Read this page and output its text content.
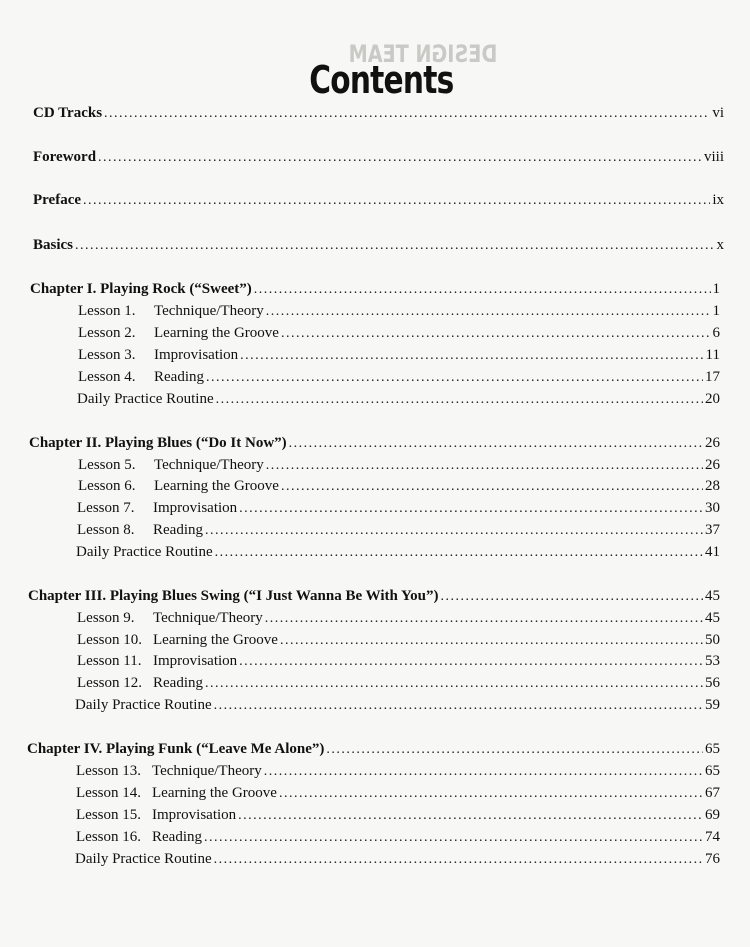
DESIGN TEAM
Contents
CD Tracks . . .	vi
Foreword . . .	viii
Preface . . .	ix
Basics . . .	x
Chapter I. Playing Rock (“Sweet”) . . .	1
Lesson 1. Technique/Theory . . .	1
Lesson 2. Learning the Groove . . .	6
Lesson 3. Improvisation . . .	11
Lesson 4. Reading . . .	17
Daily Practice Routine . . .	20
Chapter II. Playing Blues (“Do It Now”) . . .	26
Lesson 5. Technique/Theory . . .	26
Lesson 6. Learning the Groove . . .	28
Lesson 7. Improvisation . . .	30
Lesson 8. Reading . . .	37
Daily Practice Routine . . .	41
Chapter III. Playing Blues Swing (“I Just Wanna Be With You”) . . .	45
Lesson 9. Technique/Theory . . .	45
Lesson 10. Learning the Groove . . .	50
Lesson 11. Improvisation . . .	53
Lesson 12. Reading . . .	56
Daily Practice Routine . . .	59
Chapter IV. Playing Funk (“Leave Me Alone”) . . .	65
Lesson 13. Technique/Theory . . .	65
Lesson 14. Learning the Groove . . .	67
Lesson 15. Improvisation . . .	69
Lesson 16. Reading . . .	74
Daily Practice Routine . . .	76
